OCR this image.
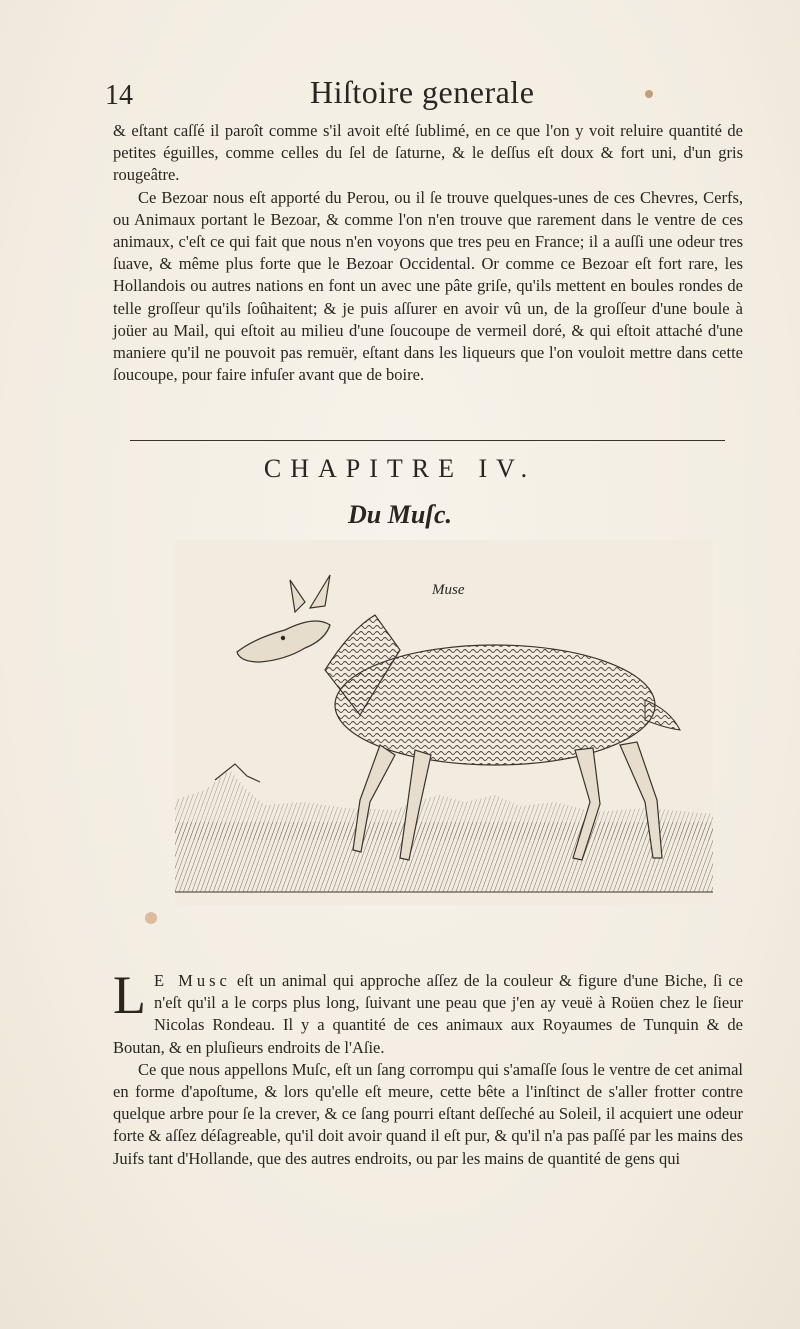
14	Hiſtoire generale

& eſtant caſſé il paroît comme s'il avoit eſté ſublimé, en ce que l'on y voit reluire quantité de petites éguilles, comme celles du ſel de ſaturne, & le deſſus eſt doux & fort uni, d'un gris rougeâtre.

Ce Bezoar nous eſt apporté du Perou, ou il ſe trouve quelques-unes de ces Chevres, Cerfs, ou Animaux portant le Bezoar, & comme l'on n'en trouve que rarement dans le ventre de ces animaux, c'eſt ce qui fait que nous n'en voyons que tres peu en France; il a auſſi une odeur tres ſuave, & même plus forte que le Bezoar Occidental. Or comme ce Bezoar eſt fort rare, les Hollandois ou autres nations en font un avec une pâte griſe, qu'ils mettent en boules rondes de telle groſſeur qu'ils ſoûhaitent; & je puis aſſurer en avoir vû un, de la groſſeur d'une boule à joüer au Mail, qui eſtoit au milieu d'une ſoucoupe de vermeil doré, & qui eſtoit attaché d'une maniere qu'il ne pouvoit pas remuër, eſtant dans les liqueurs que l'on vouloit mettre dans cette ſoucoupe, pour faire infuſer avant que de boire.

CHAPITRE IV.
Du Muſc.
Muse

L E Musc eſt un animal qui approche aſſez de la couleur & figure d'une Biche, ſi ce n'eſt qu'il a le corps plus long, ſuivant une peau que j'en ay veuë à Roüen chez le ſieur Nicolas Rondeau. Il y a quantité de ces animaux aux Royaumes de Tunquin & de Boutan, & en pluſieurs endroits de l'Aſie.

Ce que nous appellons Muſc, eſt un ſang corrompu qui s'amaſſe ſous le ventre de cet animal en forme d'apoſtume, & lors qu'elle eſt meure, cette bête a l'inſtinct de s'aller frotter contre quelque arbre pour ſe la crever, & ce ſang pourri eſtant deſſeché au Soleil, il acquiert une odeur forte & aſſez déſagreable, qu'il doit avoir quand il eſt pur, & qu'il n'a pas paſſé par les mains des Juifs tant d'Hollande, que des autres endroits, ou par les mains de quantité de gens qui
